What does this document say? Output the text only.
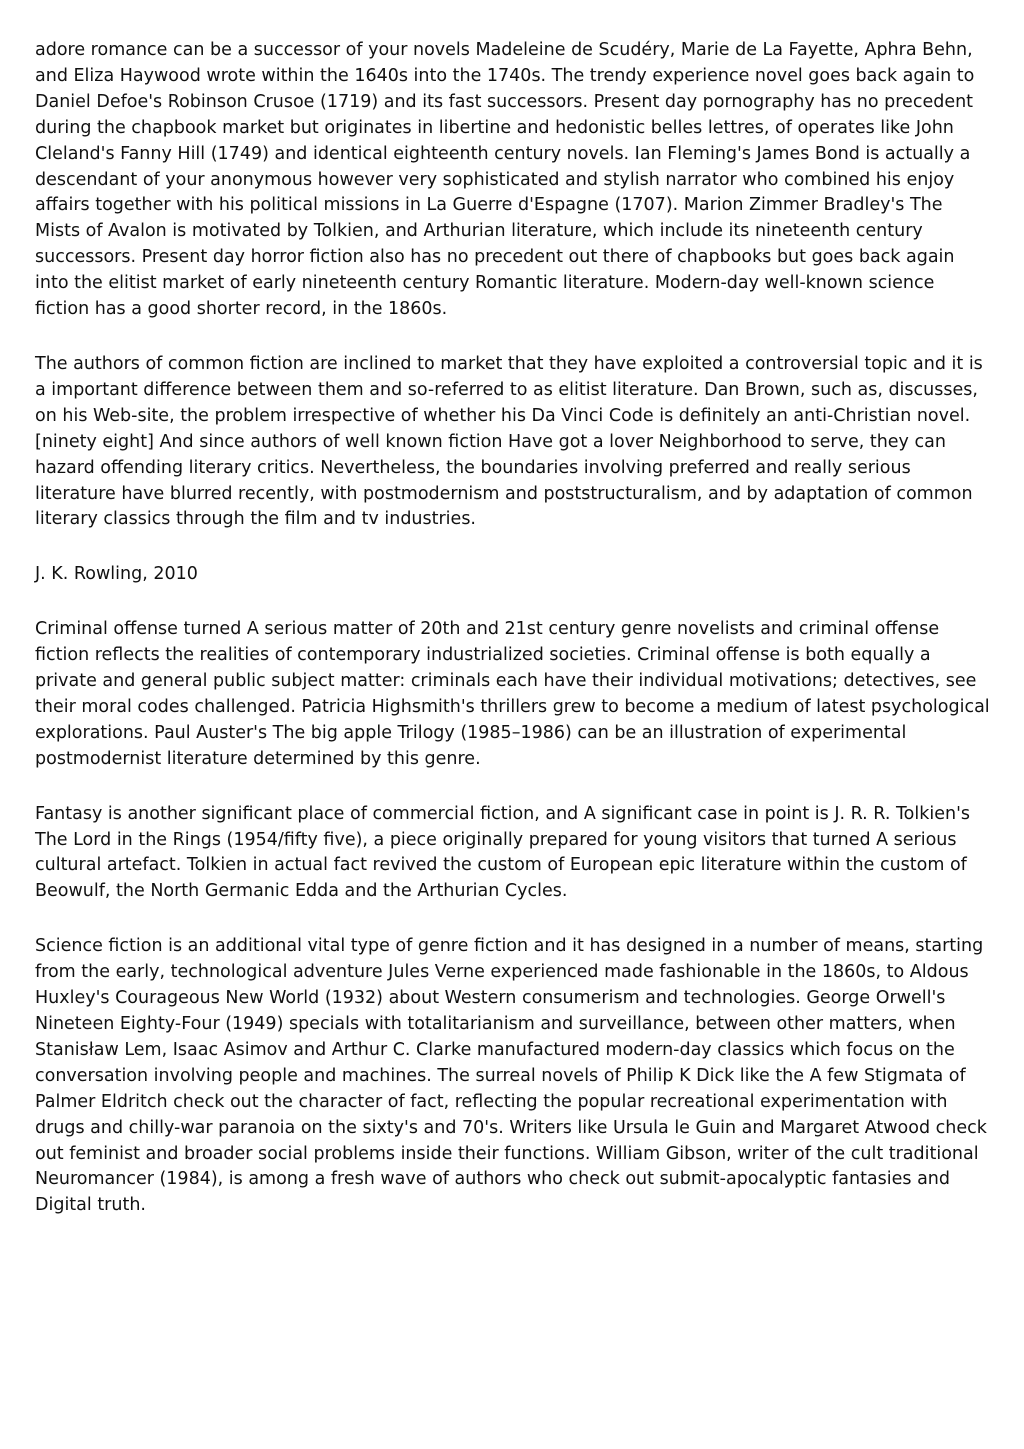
adore romance can be a successor of your novels Madeleine de Scudéry, Marie de La Fayette, Aphra Behn, and Eliza Haywood wrote within the 1640s into the 1740s. The trendy experience novel goes back again to Daniel Defoe's Robinson Crusoe (1719) and its fast successors. Present day pornography has no precedent during the chapbook market but originates in libertine and hedonistic belles lettres, of operates like John Cleland's Fanny Hill (1749) and identical eighteenth century novels. Ian Fleming's James Bond is actually a descendant of your anonymous however very sophisticated and stylish narrator who combined his enjoy affairs together with his political missions in La Guerre d'Espagne (1707). Marion Zimmer Bradley's The Mists of Avalon is motivated by Tolkien, and Arthurian literature, which include its nineteenth century successors. Present day horror fiction also has no precedent out there of chapbooks but goes back again into the elitist market of early nineteenth century Romantic literature. Modern-day well-known science fiction has a good shorter record, in the 1860s.

The authors of common fiction are inclined to market that they have exploited a controversial topic and it is a important difference between them and so-referred to as elitist literature. Dan Brown, such as, discusses, on his Web-site, the problem irrespective of whether his Da Vinci Code is definitely an anti-Christian novel.[ninety eight] And since authors of well known fiction Have got a lover Neighborhood to serve, they can hazard offending literary critics. Nevertheless, the boundaries involving preferred and really serious literature have blurred recently, with postmodernism and poststructuralism, and by adaptation of common literary classics through the film and tv industries.

J. K. Rowling, 2010

Criminal offense turned A serious matter of 20th and 21st century genre novelists and criminal offense fiction reflects the realities of contemporary industrialized societies. Criminal offense is both equally a private and general public subject matter: criminals each have their individual motivations; detectives, see their moral codes challenged. Patricia Highsmith's thrillers grew to become a medium of latest psychological explorations. Paul Auster's The big apple Trilogy (1985–1986) can be an illustration of experimental postmodernist literature determined by this genre.

Fantasy is another significant place of commercial fiction, and A significant case in point is J. R. R. Tolkien's The Lord in the Rings (1954/fifty five), a piece originally prepared for young visitors that turned A serious cultural artefact. Tolkien in actual fact revived the custom of European epic literature within the custom of Beowulf, the North Germanic Edda and the Arthurian Cycles.

Science fiction is an additional vital type of genre fiction and it has designed in a number of means, starting from the early, technological adventure Jules Verne experienced made fashionable in the 1860s, to Aldous Huxley's Courageous New World (1932) about Western consumerism and technologies. George Orwell's Nineteen Eighty-Four (1949) specials with totalitarianism and surveillance, between other matters, when Stanisław Lem, Isaac Asimov and Arthur C. Clarke manufactured modern-day classics which focus on the conversation involving people and machines. The surreal novels of Philip K Dick like the A few Stigmata of Palmer Eldritch check out the character of fact, reflecting the popular recreational experimentation with drugs and chilly-war paranoia on the sixty's and 70's. Writers like Ursula le Guin and Margaret Atwood check out feminist and broader social problems inside their functions. William Gibson, writer of the cult traditional Neuromancer (1984), is among a fresh wave of authors who check out submit-apocalyptic fantasies and Digital truth.
